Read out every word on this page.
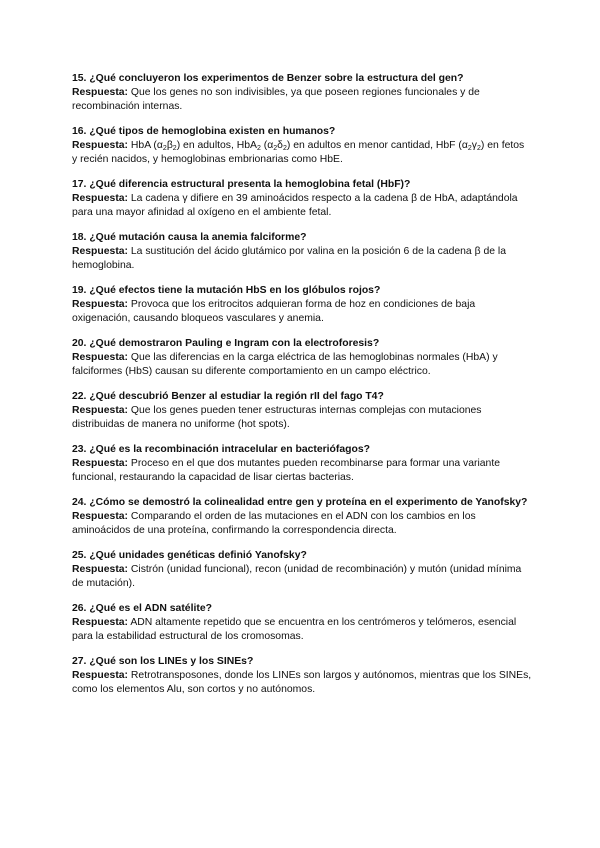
15. ¿Qué concluyeron los experimentos de Benzer sobre la estructura del gen?

Respuesta: Que los genes no son indivisibles, ya que poseen regiones funcionales y de recombinación internas.

16. ¿Qué tipos de hemoglobina existen en humanos?

Respuesta: HbA $(\alpha_2\beta_2)$ en adultos, HbA$_2$ $(\alpha_2\delta_2)$ en adultos en menor cantidad, HbF $(\alpha_2\gamma_2)$ en fetos y recién nacidos, y hemoglobinas embrionarias como HbE.

17. ¿Qué diferencia estructural presenta la hemoglobina fetal (HbF)?

Respuesta: La cadena γ difiere en 39 aminoácidos respecto a la cadena β de HbA, adaptándola para una mayor afinidad al oxígeno en el ambiente fetal.

18. ¿Qué mutación causa la anemia falciforme?

Respuesta: La sustitución del ácido glutámico por valina en la posición 6 de la cadena β de la hemoglobina.

19. ¿Qué efectos tiene la mutación HbS en los glóbulos rojos?

Respuesta: Provoca que los eritrocitos adquieran forma de hoz en condiciones de baja oxigenación, causando bloqueos vasculares y anemia.

20. ¿Qué demostraron Pauling e Ingram con la electroforesis?

Respuesta: Que las diferencias en la carga eléctrica de las hemoglobinas normales (HbA) y falciformes (HbS) causan su diferente comportamiento en un campo eléctrico.

22. ¿Qué descubrió Benzer al estudiar la región rII del fago T4?

Respuesta: Que los genes pueden tener estructuras internas complejas con mutaciones distribuidas de manera no uniforme (hot spots).

23. ¿Qué es la recombinación intracelular en bacteriófagos?

Respuesta: Proceso en el que dos mutantes pueden recombinarse para formar una variante funcional, restaurando la capacidad de lisar ciertas bacterias.

24. ¿Cómo se demostró la colinealidad entre gen y proteína en el experimento de Yanofsky?

Respuesta: Comparando el orden de las mutaciones en el ADN con los cambios en los aminoácidos de una proteína, confirmando la correspondencia directa.

25. ¿Qué unidades genéticas definió Yanofsky?

Respuesta: Cistrón (unidad funcional), recon (unidad de recombinación) y mutón (unidad mínima de mutación).

26. ¿Qué es el ADN satélite?

Respuesta: ADN altamente repetido que se encuentra en los centrómeros y telómeros, esencial para la estabilidad estructural de los cromosomas.

27. ¿Qué son los LINEs y los SINEs?

Respuesta: Retrotransposones, donde los LINEs son largos y autónomos, mientras que los SINEs, como los elementos Alu, son cortos y no autónomos.
